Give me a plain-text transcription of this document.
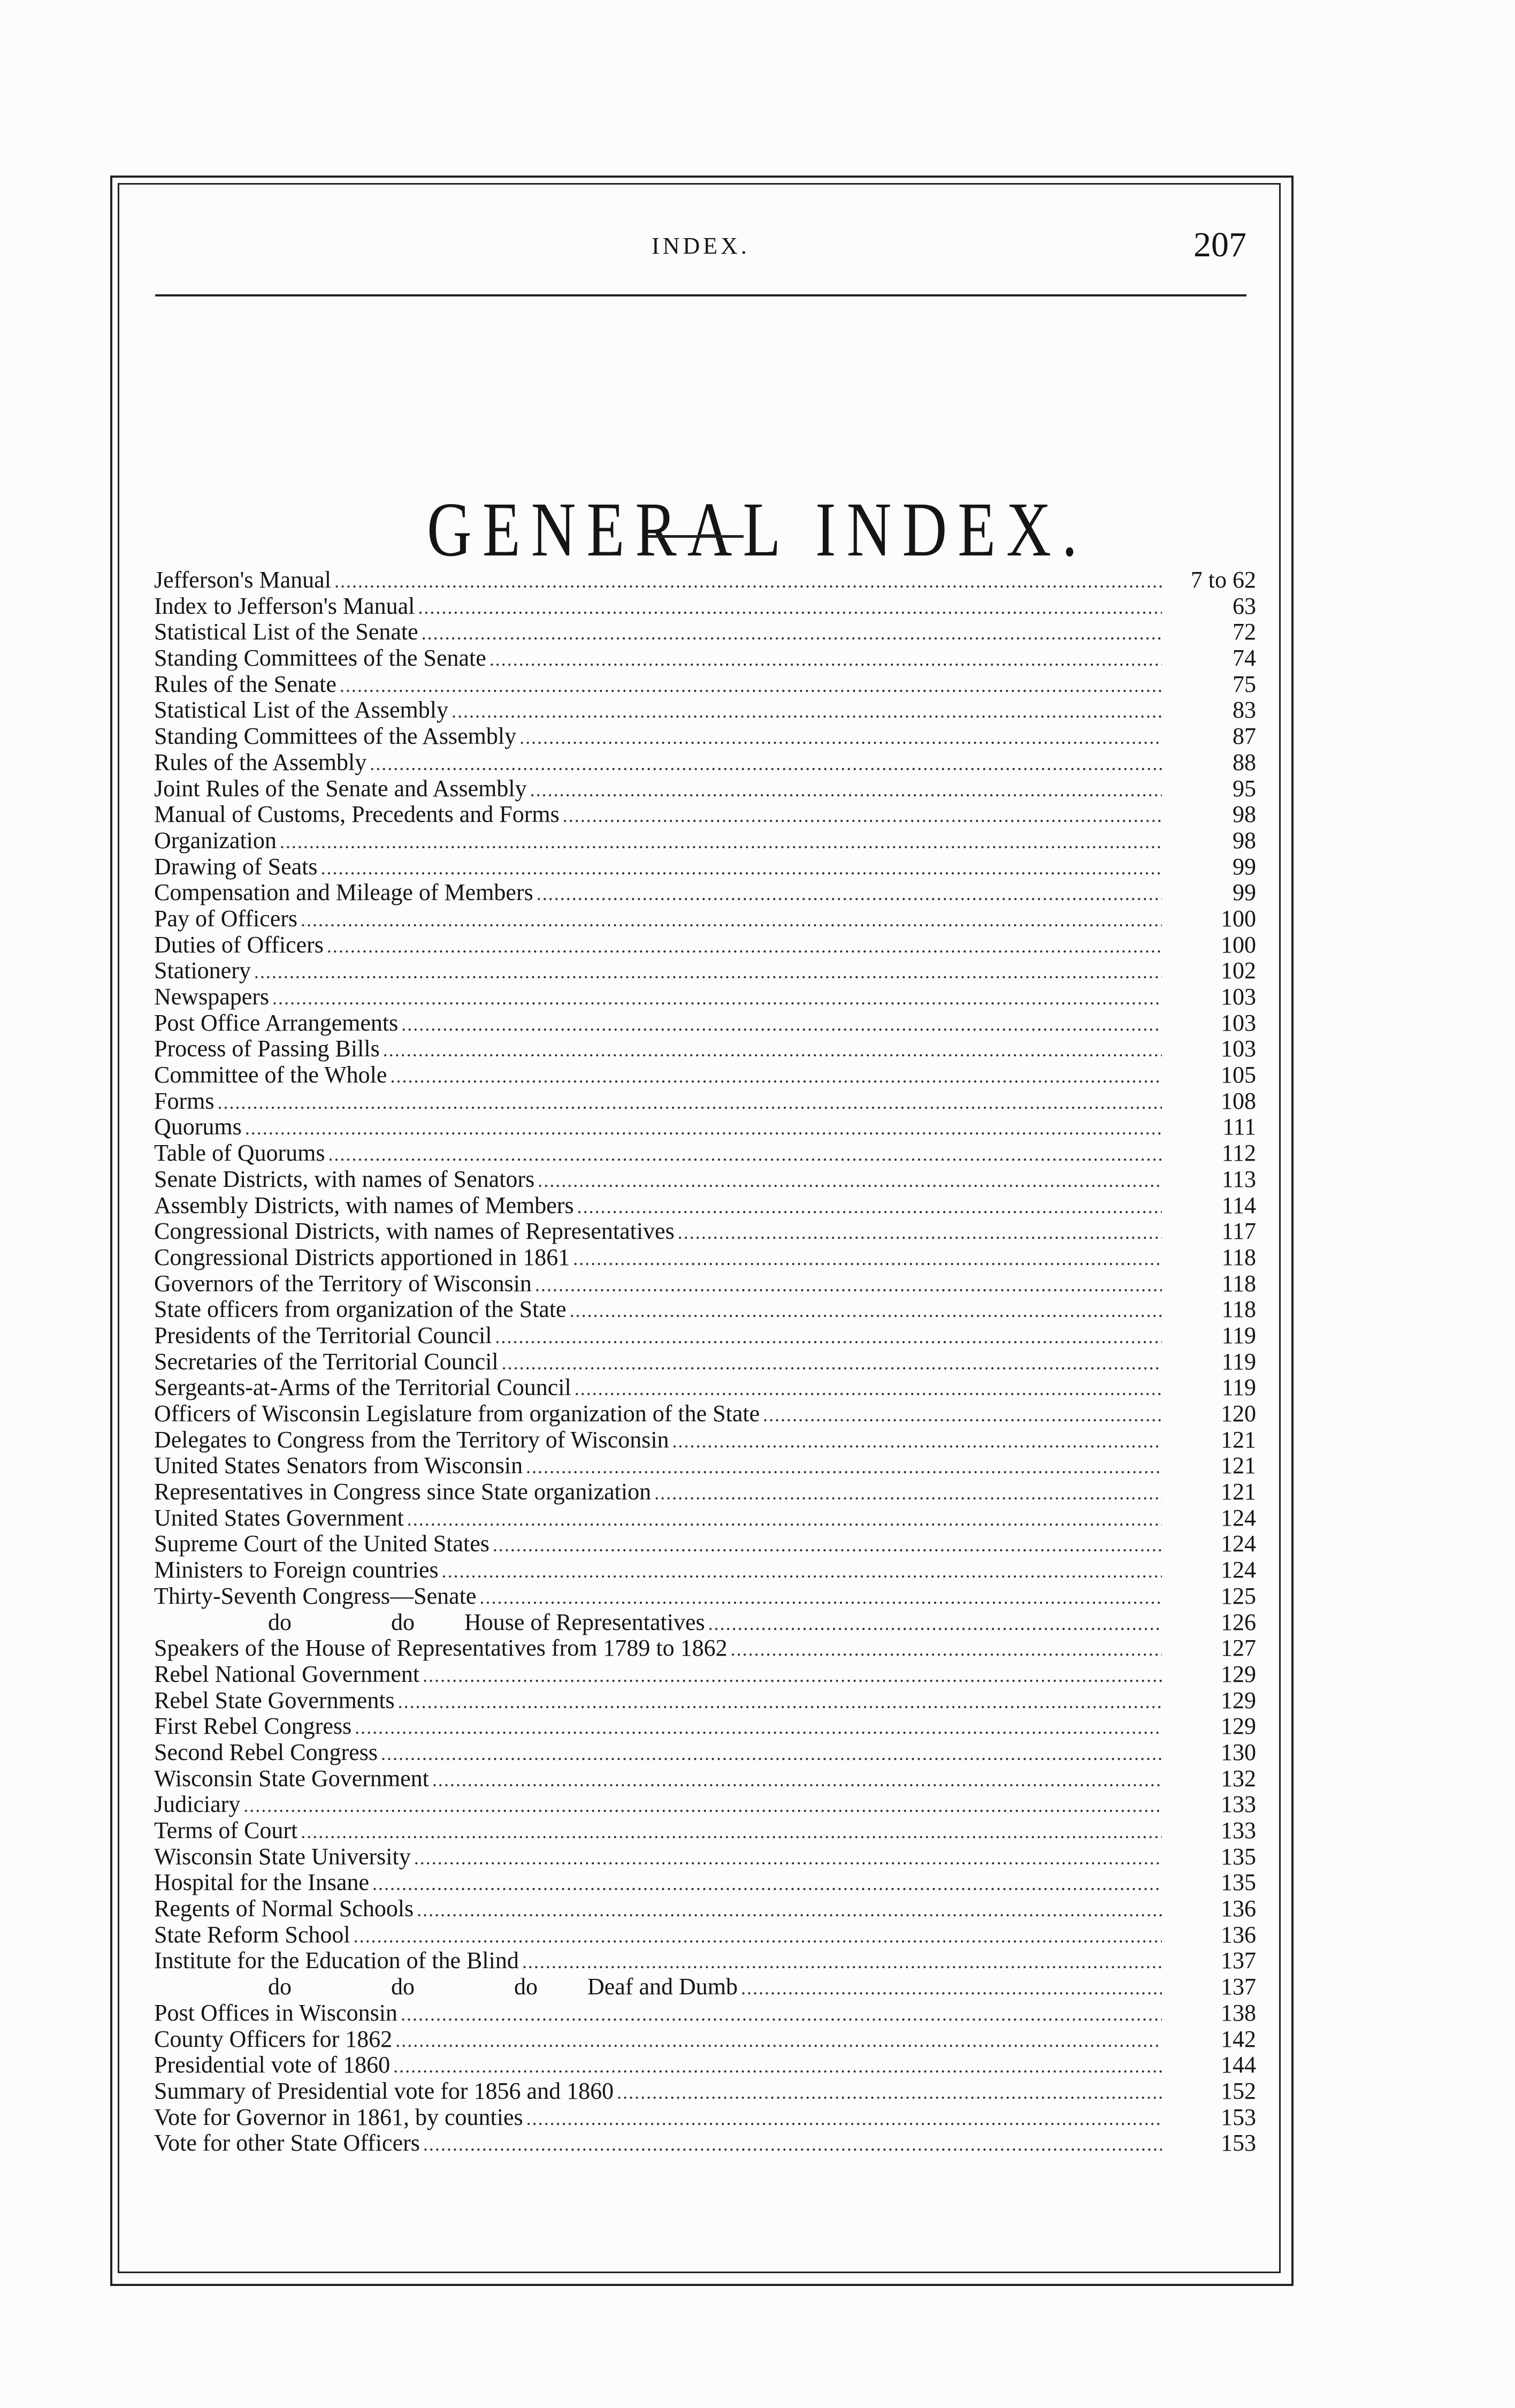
INDEX.	207
GENERAL INDEX.
Jefferson's Manual .....	7 to 62
Index to Jefferson's Manual .....	63
Statistical List of the Senate .....	72
Standing Committees of the Senate .....	74
Rules of the Senate .....	75
Statistical List of the Assembly .....	83
Standing Committees of the Assembly .....	87
Rules of the Assembly .....	88
Joint Rules of the Senate and Assembly .....	95
Manual of Customs, Precedents and Forms .....	98
Organization .....	98
Drawing of Seats .....	99
Compensation and Mileage of Members .....	99
Pay of Officers .....	100
Duties of Officers .....	100
Stationery .....	102
Newspapers .....	103
Post Office Arrangements .....	103
Process of Passing Bills .....	103
Committee of the Whole .....	105
Forms .....	108
Quorums .....	111
Table of Quorums .....	112
Senate Districts, with names of Senators .....	113
Assembly Districts, with names of Members .....	114
Congressional Districts, with names of Representatives .....	117
Congressional Districts apportioned in 1861 .....	118
Governors of the Territory of Wisconsin .....	118
State officers from organization of the State .....	118
Presidents of the Territorial Council .....	119
Secretaries of the Territorial Council .....	119
Sergeants-at-Arms of the Territorial Council .....	119
Officers of Wisconsin Legislature from organization of the State .....	120
Delegates to Congress from the Territory of Wisconsin .....	121
United States Senators from Wisconsin .....	121
Representatives in Congress since State organization .....	121
United States Government .....	124
Supreme Court of the United States .....	124
Ministers to Foreign countries .....	124
Thirty-Seventh Congress—Senate .....	125
do	do House of Representatives .....	126
Speakers of the House of Representatives from 1789 to 1862 .....	127
Rebel National Government .....	129
Rebel State Governments .....	129
First Rebel Congress .....	129
Second Rebel Congress .....	130
Wisconsin State Government .....	132
Judiciary .....	133
Terms of Court .....	133
Wisconsin State University .....	135
Hospital for the Insane .....	135
Regents of Normal Schools .....	136
State Reform School .....	136
Institute for the Education of the Blind .....	137
do	do	do Deaf and Dumb .....	137
Post Offices in Wisconsin .....	138
County Officers for 1862 .....	142
Presidential vote of 1860 .....	144
Summary of Presidential vote for 1856 and 1860 .....	152
Vote for Governor in 1861, by counties .....	153
Vote for other State Officers .....	153
